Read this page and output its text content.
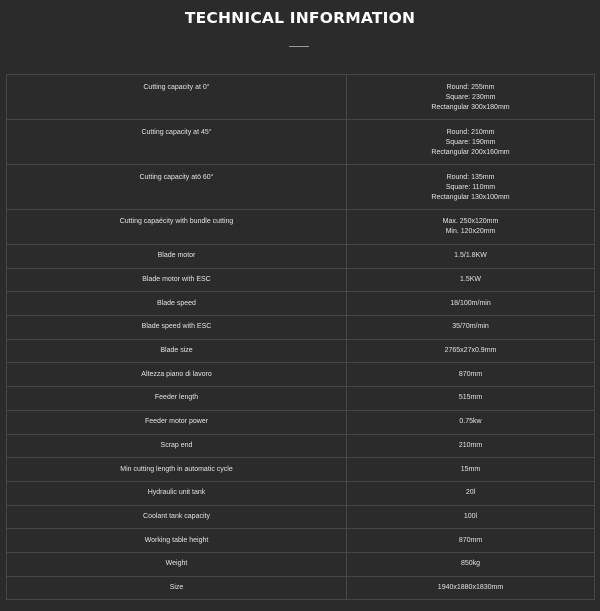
TECHNICAL INFORMATION
Cutting capacity at 0°	Round: 255mm
Square: 230mm
Rectangular 300x180mm
Cutting capacity at 45°	Round: 210mm
Square: 190mm
Rectangular 200x160mm
Cutting capacity atö 60°	Round: 135mm
Square: 110mm
Rectangular 130x100mm
Cutting capaécity with bundle cutting	Max. 250x120mm
Min. 120x20mm
Blade motor	1.5/1.8KW
Blade motor with ESC	1.5KW
Blade speed	18/100m/min
Blade speed with ESC	35/70m/min
Blade size	2765x27x0.9mm
Altezza piano di lavoro	870mm
Feeder length	515mm
Feeder motor power	0.75kw
Scrap end	210mm
Min cutting length in automatic cycle	15mm
Hydraulic unit tank	20l
Coolant tank capacity	100l
Working table height	870mm
Weight	850kg
Size	1940x1880x1830mm
